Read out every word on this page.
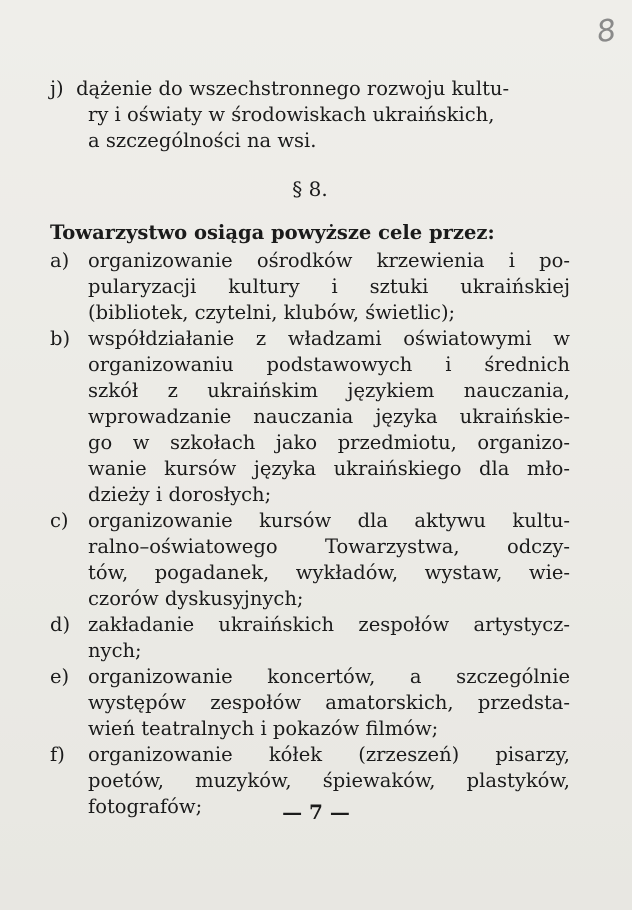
8

j) dążenie do wszechstronnego rozwoju kultu-
ry i oświaty w środowiskach ukraińskich,
a szczególności na wsi.

§ 8.
Towarzystwo osiąga powyższe cele przez:
a) organizowanie ośrodków krzewienia i po-
pularyzacji kultury i sztuki ukraińskiej
(bibliotek, czytelni, klubów, świetlic);
b) współdziałanie z władzami oświatowymi w
organizowaniu podstawowych i średnich
szkół z ukraińskim językiem nauczania,
wprowadzanie nauczania języka ukraińskie-
go w szkołach jako przedmiotu, organizo-
wanie kursów języka ukraińskiego dla mło-
dzieży i dorosłych;
c) organizowanie kursów dla aktywu kultu-
ralno–oświatowego Towarzystwa, odczy-
tów, pogadanek, wykładów, wystaw, wie-
czorów dyskusyjnych;
d) zakładanie ukraińskich zespołów artystycz-
nych;
e) organizowanie koncertów, a szczególnie
występów zespołów amatorskich, przedsta-
wień teatralnych i pokazów filmów;
f) organizowanie kółek (zrzeszeń) pisarzy,
poetów, muzyków, śpiewaków, plastyków,
fotografów;	— 7 —
